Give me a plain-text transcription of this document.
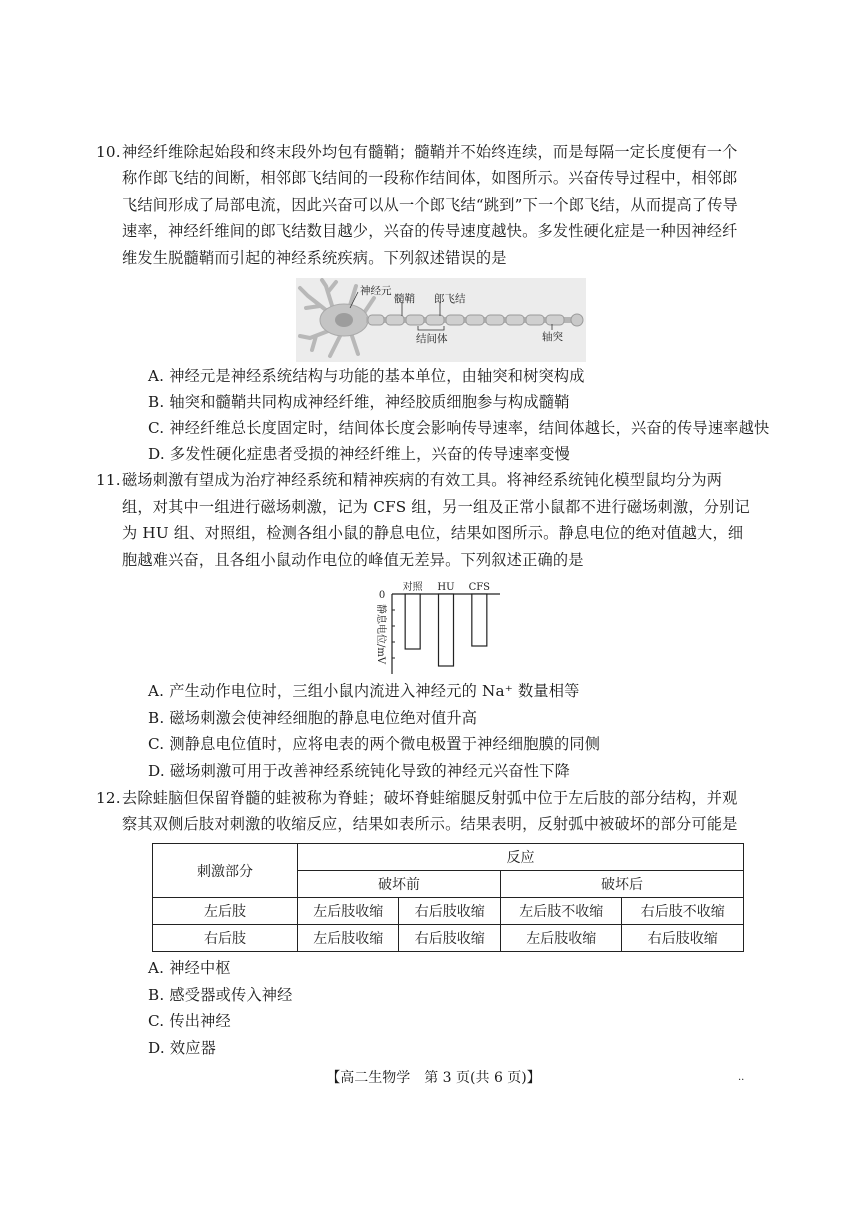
10.神经纤维除起始段和终末段外均包有髓鞘；髓鞘并不始终连续，而是每隔一定长度便有一个
称作郎飞结的间断，相邻郎飞结间的一段称作结间体，如图所示。兴奋传导过程中，相邻郎
飞结间形成了局部电流，因此兴奋可以从一个郎飞结“跳到”下一个郎飞结，从而提高了传导
速率，神经纤维间的郎飞结数目越少，兴奋的传导速度越快。多发性硬化症是一种因神经纤
维发生脱髓鞘而引起的神经系统疾病。下列叙述错误的是
神经元
髓鞘 郎飞结
结间体	轴突
A. 神经元是神经系统结构与功能的基本单位，由轴突和树突构成
B. 轴突和髓鞘共同构成神经纤维，神经胶质细胞参与构成髓鞘
C. 神经纤维总长度固定时，结间体长度会影响传导速率，结间体越长，兴奋的传导速率越快
D. 多发性硬化症患者受损的神经纤维上，兴奋的传导速率变慢
11.磁场刺激有望成为治疗神经系统和精神疾病的有效工具。将神经系统钝化模型鼠均分为两
组，对其中一组进行磁场刺激，记为 CFS 组，另一组及正常小鼠都不进行磁场刺激，分别记
为 HU 组、对照组，检测各组小鼠的静息电位，结果如图所示。静息电位的绝对值越大，细
胞越难兴奋，且各组小鼠动作电位的峰值无差异。下列叙述正确的是
0
静息电位/mV
对照 HU CFS
A. 产生动作电位时，三组小鼠内流进入神经元的 Na⁺ 数量相等
B. 磁场刺激会使神经细胞的静息电位绝对值升高
C. 测静息电位值时，应将电表的两个微电极置于神经细胞膜的同侧
D. 磁场刺激可用于改善神经系统钝化导致的神经元兴奋性下降
12.去除蛙脑但保留脊髓的蛙被称为脊蛙；破坏脊蛙缩腿反射弧中位于左后肢的部分结构，并观
察其双侧后肢对刺激的收缩反应，结果如表所示。结果表明，反射弧中被破坏的部分可能是
刺激部分	反应			
	破坏前		破坏后	
左后肢	左后肢收缩	右后肢收缩	左后肢不收缩	右后肢不收缩
右后肢	左后肢收缩	右后肢收缩	左后肢收缩	右后肢收缩
A. 神经中枢
B. 感受器或传入神经
C. 传出神经
D. 效应器
【高二生物学　第 3 页(共 6 页)】	..
